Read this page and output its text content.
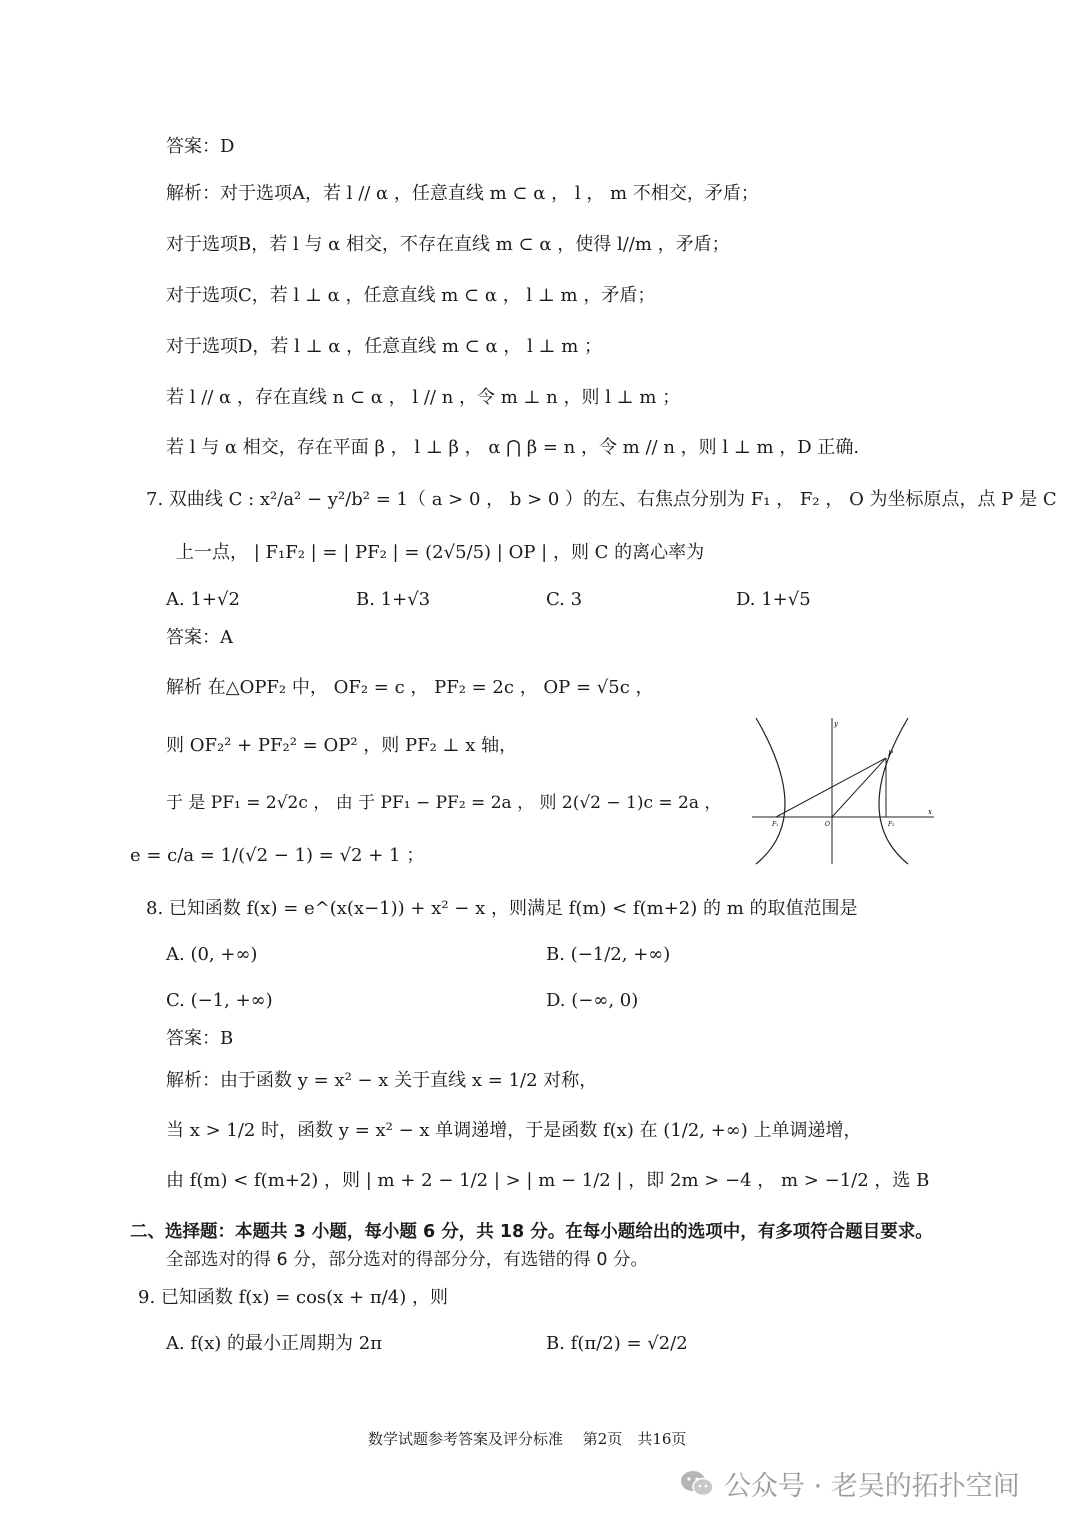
答案：D
解析：对于选项A，若 l // α ，任意直线 m ⊂ α ， l ， m 不相交，矛盾；
对于选项B，若 l 与 α 相交，不存在直线 m ⊂ α ，使得 l//m ，矛盾；
对于选项C，若 l ⊥ α ，任意直线 m ⊂ α ， l ⊥ m ，矛盾；
对于选项D，若 l ⊥ α ，任意直线 m ⊂ α ， l ⊥ m ；
若 l // α ，存在直线 n ⊂ α ， l // n ，令 m ⊥ n ，则 l ⊥ m ；
若 l 与 α 相交，存在平面 β ， l ⊥ β ， α ⋂ β = n ，令 m // n ，则 l ⊥ m ，D 正确.
7. 双曲线 C : x²/a² − y²/b² = 1（ a > 0 ， b > 0 ）的左、右焦点分别为 F₁ ， F₂ ， O 为坐标原点，点 P 是 C
上一点， | F₁F₂ | = | PF₂ | = (2√5/5) | OP | ，则 C 的离心率为
A. 1+√2	B. 1+√3	C. 3	D. 1+√5
答案：A
解析 在△OPF₂ 中， OF₂ = c ， PF₂ = 2c ， OP = √5c ，
则 OF₂² + PF₂² = OP² ，则 PF₂ ⊥ x 轴，
于 是 PF₁ = 2√2c ， 由 于 PF₁ − PF₂ = 2a ， 则 2(√2 − 1)c = 2a ，
e = c/a = 1/(√2 − 1) = √2 + 1 ；
y
x
P
F₁	O	F₂
8. 已知函数 f(x) = e^(x(x−1)) + x² − x ，则满足 f(m) < f(m+2) 的 m 的取值范围是
A. (0, +∞)	B. (−1/2, +∞)
C. (−1, +∞)	D. (−∞, 0)
答案：B
解析：由于函数 y = x² − x 关于直线 x = 1/2 对称，
当 x > 1/2 时，函数 y = x² − x 单调递增，于是函数 f(x) 在 (1/2, +∞) 上单调递增，
由 f(m) < f(m+2) ，则 | m + 2 − 1/2 | > | m − 1/2 | ，即 2m > −4 ， m > −1/2 ，选 B
二、选择题：本题共 3 小题，每小题 6 分，共 18 分。在每小题给出的选项中，有多项符合题目要求。
全部选对的得 6 分，部分选对的得部分分，有选错的得 0 分。
9. 已知函数 f(x) = cos(x + π/4) ，则
A. f(x) 的最小正周期为 2π	B. f(π/2) = √2/2
数学试题参考答案及评分标准　 第2页　共16页
公众号 · 老吴的拓扑空间
